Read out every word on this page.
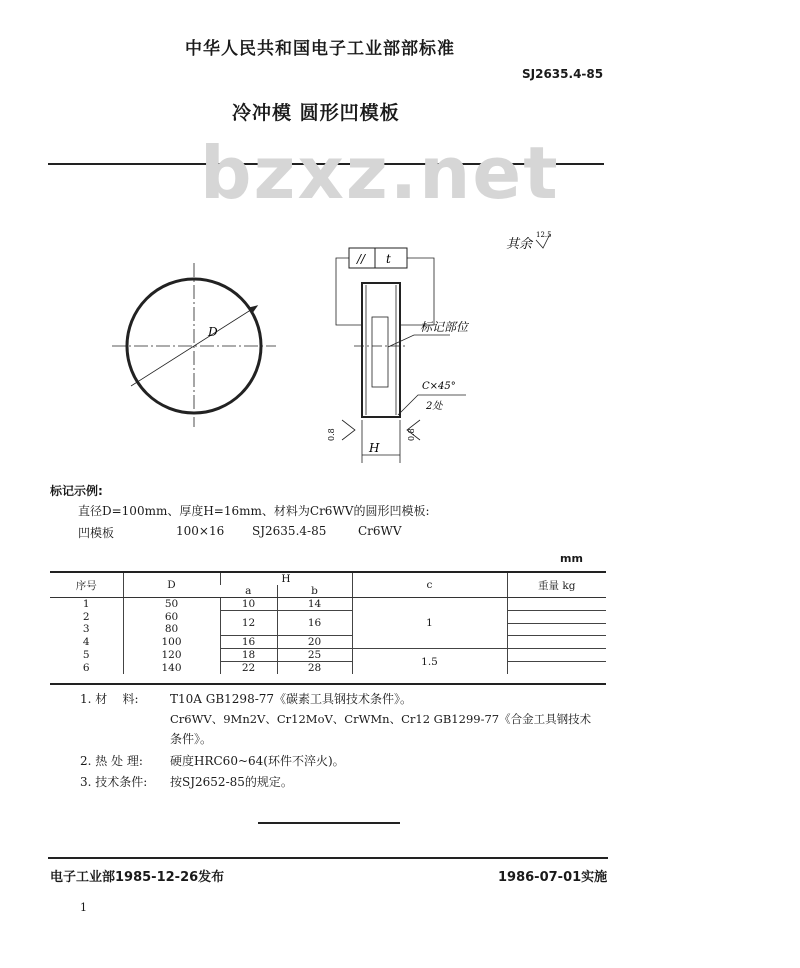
中华人民共和国电子工业部部标准
SJ2635.4-85
冷冲模 圆形凹模板
bzxz.net
D
// t
标记部位
C×45°
2处
H
0.8	0.8
其余
12.5
标记示例:
直径D=100mm、厚度H=16mm、材料为Cr6WV的圆形凹模板:
凹模板	100×16 SJ2635.4-85	Cr6WV
mm
序号	D	H		c	重量 kg
		a	b		
1	50	10	14	1	
2	60	12	16		
3	80				
4	100	16	20		
5	120	18	25	1.5	
6	140	22	28		
1. 材    料:	T10A GB1298-77《碳素工具钢技术条件》。
Cr6WV、9Mn2V、Cr12MoV、CrWMn、Cr12 GB1299-77《合金工具钢技术
条件》。
2. 热 处 理: 硬度HRC60~64(环件不淬火)。
3. 技术条件: 按SJ2652-85的规定。
电子工业部1985-12-26发布	1986-07-01实施
1
